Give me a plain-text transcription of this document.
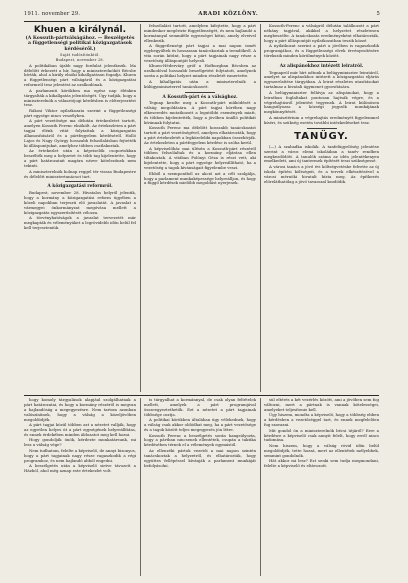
1911. november 29.	ARADI KÖZLÖNY.	5
Khuen a királynál.
(A Kossuth-pártválságához. — Beszélgetés a függetlenségi politikai közigazgatások kérdéséről.)
Saját tudósítónktól.
Budapest, november 28.

A politikában újabb nagy fordulat jelentkezik. Ma délelőtt érkezett a hír, hogy a miniszterelnököt Bécsbe hívták, ahol a király elnöki kihallgatáson fogadja. Khuen a függetlenségi párt válságáról és a közigazgatási reformról tesz jelentést az uralkodónak.

A parlamenti körökben ma egész nap élénken tárgyalták a kihallgatás jelentőségét. Úgy tudják, hogy a miniszterelnök a választójogi kérdésben is előterjesztést tesz.

Rákosi Viktor nyilatkozata szerint a függetlenségi párt egysége nincs veszélyben.

A párt vezetősége ma délután értekezletet tartott, amelyen Kossuth Ferenc elnökölt. Az értekezleten a párt tagjai élénk vitát folytattak a közigazgatás államosításáról és a pártfegyelem kérdéséről. Holló Lajos és Nagy György hosszabb felszólalásban fejtették ki álláspontjukat, amelyhez többen csatlakoztak.

Az értekezlet után a képviselők csoportokban beszélték meg a helyzetet és több tag kijelentette, hogy a párt határozatait magára nézve kötelezőnek nem tekinti.

A miniszterelnök holnap reggel tér vissza Budapestre és délelőtt minisztertanácsot tart.

A közigazgatási reformról.

Budapest, november 28. Hivatalos helyről jelentik, hogy a kormány a közigazgatási reform ügyében a közeli napokban terjeszti elő javaslatát. A javaslat a vármegyei önkormányzat megóvása mellett a közigazgatás egyszerűsítését célozza.

A törvényhatóságok a javaslat tervezetét már megkapták és véleményüket a legrövidebb időn belül fel kell terjeszteniük.

felszólalást tartott, amelyben kifejtette, hogy a párt mindenkor megőrizte függetlenségét, és nem hajlandó a kormánnyal semmiféle egyezséget kötni, amely elveivel ellenkezik.

A függetlenségi párt tagjai a mai napon ismét egybegyűltek és hosszasan tanácskoztak a teendőkről. A vita során kitűnt, hogy a párt tagjainak nagy része a vezetőség álláspontját helyesli.

Khuen-Héderváry gróf a Hofburgban Bécsben az uralkodóval hosszabb beszélgetést folytatott, amelynek során a politikai helyzet minden részletét ismertette.

A kihallgatás után a miniszterelnök a külügyminiszterrel tanácskozott.

A Kossuth-párt és a válsághoz.

Tegnap kezdte meg a Kossuth-párt működését a válság megoldására. A párt tagjai körében nagy elkeseredés mutatkozott a legutóbbi események miatt, és többen kijelentették, hogy a jövőben önálló politikát kívánnak folytatni.

Kossuth Ferenc ma délelőtt hosszabb tanácskozást tartott a párt vezetőségével, amelyen elhatározták, hogy a párt értekezletét a legközelebbi napokban összehívják. Az értekezleten a pártfegyelem kérdése is szóba kerül.

A képviselőház mai ülésén a Kossuth-párt részéről többen felszólaltak és a kormány eljárása ellen tiltakoztak. A vitában Polónyi Géza is részt vett, aki kijelentette, hogy a párt egysége helyreállítható, ha a vezetőség a tagok kívánságait figyelembe veszi.

Ebből a szempontból az akció azt a célt szolgálja, hogy a parlament munkaképessége helyreálljon, és hogy a függő kérdések mielőbb megoldást nyerjenek.

Kossuth-Ferenc a válságról délután találkozott a párt néhány tagjával, akikkel a helyzetet részletesen megbeszélte. A tanácskozás eredményeként elhatározták, hogy a párt álláspontját nyilatkozatban teszik közzé.

A nyilatkozat szerint a párt a jövőben is ragaszkodik programjához, és a függetlenségi elvek érvényesítésére törekszik minden körülmények között.

Az alispánokhoz intézett leiratról.

Tegnapról már hírt adtunk a belügyminiszter leiratáról, amelyet az alispánokhoz intézett a közigazgatási eljárás egyszerűsítése tárgyában. A leirat részletes utasításokat tartalmaz a hivatali ügymenet gyorsítására.

A belügyminiszter felhívja az alispánokat, hogy a leiratban foglaltakat pontosan hajtsák végre, és a végrehajtásról jelentést tegyenek. A leirat különösen hangsúlyozza a községi jegyzők munkájának megkönnyítését.

A minisztérium a végrehajtás eredményét figyelemmel kíséri, és szükség esetén további intézkedéseket tesz.

TANÜGY.

(—) A szabadka iskolák. A tanfelügyelőség jelentése szerint a város elemi iskoláiban a tanév rendben megkezdődött. A tanulók száma az idén jelentékenyen emelkedett, ami új tantermek építését teszi szükségessé.

A városi tanács a jövő évi költségvetésbe felvette az új iskola építési költségeit, és a tervek elkészítésével a városi mérnöki hivatalt bízta meg. Az építkezés előreláthatólag a jövő tavasszal kezdődik.

hogy komoly tárgyalások alapjául szolgálhatnak a párt határozatai, és hogy a kormány részéről is megvan a hajlandóság a megegyezésre. Nem tartom azonban valószínűnek, hogy a válság a közeljövőben megoldódjék.

A párt tagjai közül többen azt a nézetet vallják, hogy az egyetlen helyes út a párt egységének helyreállítása, és ennek érdekében minden áldozatot meg kell hozni.

Hogy gondolják önök, kérdezte munkatársunk, mi lesz a válság vége?

Nem tudhatom, felelte a képviselő, de annyi bizonyos, hogy a párt tagjainak nagy része ragaszkodik a régi programhoz, és nem hajlandó abból engedni.

A beszélgetés után a képviselő sietve távozott a Házból, ahol még aznap este értekezlet volt.

is tárgyalhat a kormánnyal, de csak olyan feltételek mellett, amelyek a párt programjával összeegyeztethetők. Ezt a nézetet a párt tagjainak többsége osztja.

A politikai körökben általában úgy vélekednek, hogy a válság csak akkor oldódhat meg, ha a párt vezetősége és a tagok között teljes megegyezés jön létre.

Kossuth Ferenc a beszélgetés során hangsúlyozta, hogy a pártban nincsenek ellentétek, csupán a taktika kérdésében térnek el a vélemények egymástól.

Az ellenzéki pártok vezetői a mai napon szintén tanácskoztak a helyzetről, és elhatározták, hogy együttes fellépéssel kívánják a parlament munkáját befolyásolni.

sül eltérés a két vezérlés között, ami a jövőben sem fog változni, mert a pártnak is vannak kötelességei, amelyeket teljesítenie kell.

Úgy hiszem, mondta a képviselő, hogy a többség ebben a kérdésben a vezetőséggel tart, és ennek megfelelően fog szavazni.

Mit gondol ön a miniszterelnök bécsi útjáról? Erre a kérdésre a képviselő csak annyit felelt, hogy erről nincs tudomása.

Nem hiszem, hogy a válság rövid időn belül megoldódjék, tette hozzá, mert az ellentétek mélyebbek, semmint gondolnók.

Hát akkor mi lesz? Ezt senki sem tudja megmondani, felelte a képviselő és eltávozott.
